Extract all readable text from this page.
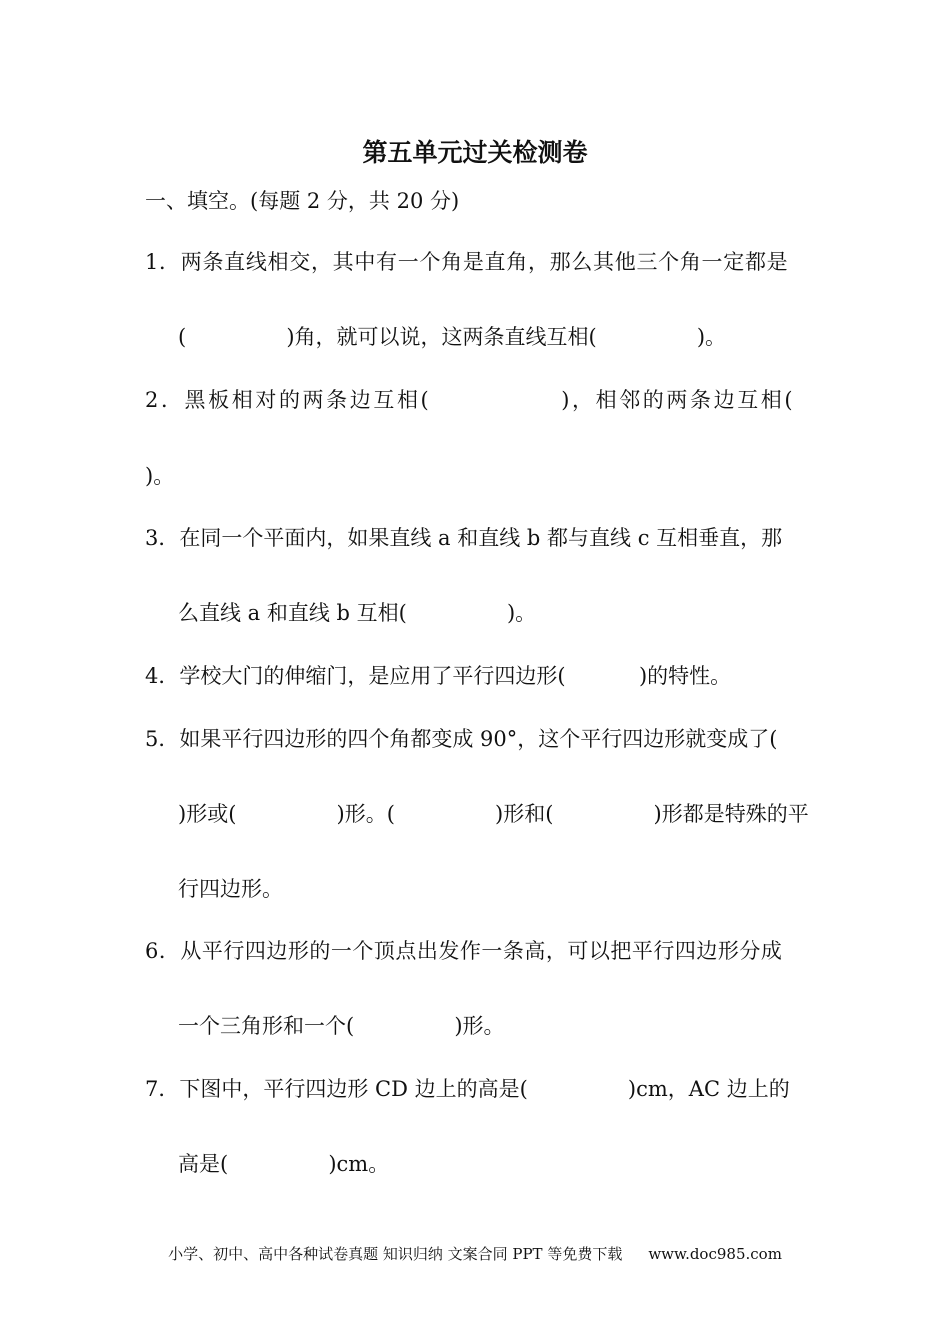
第五单元过关检测卷
一、填空。(每题 2 分，共 20 分)
1．两条直线相交，其中有一个角是直角，那么其他三个角一定都是
(               )角，就可以说，这两条直线互相(               )。
2．黑板相对的两条边互相(              )，相邻的两条边互相(
)。
3．在同一个平面内，如果直线 a 和直线 b 都与直线 c 互相垂直，那
么直线 a 和直线 b 互相(               )。
4．学校大门的伸缩门，是应用了平行四边形(           )的特性。
5．如果平行四边形的四个角都变成 90°，这个平行四边形就变成了(
)形或(               )形。(               )形和(               )形都是特殊的平
行四边形。
6．从平行四边形的一个顶点出发作一条高，可以把平行四边形分成
一个三角形和一个(               )形。
7．下图中，平行四边形 CD 边上的高是(               )cm，AC 边上的
高是(               )cm。
小学、初中、高中各种试卷真题 知识归纳 文案合同 PPT 等免费下载 www.doc985.com
